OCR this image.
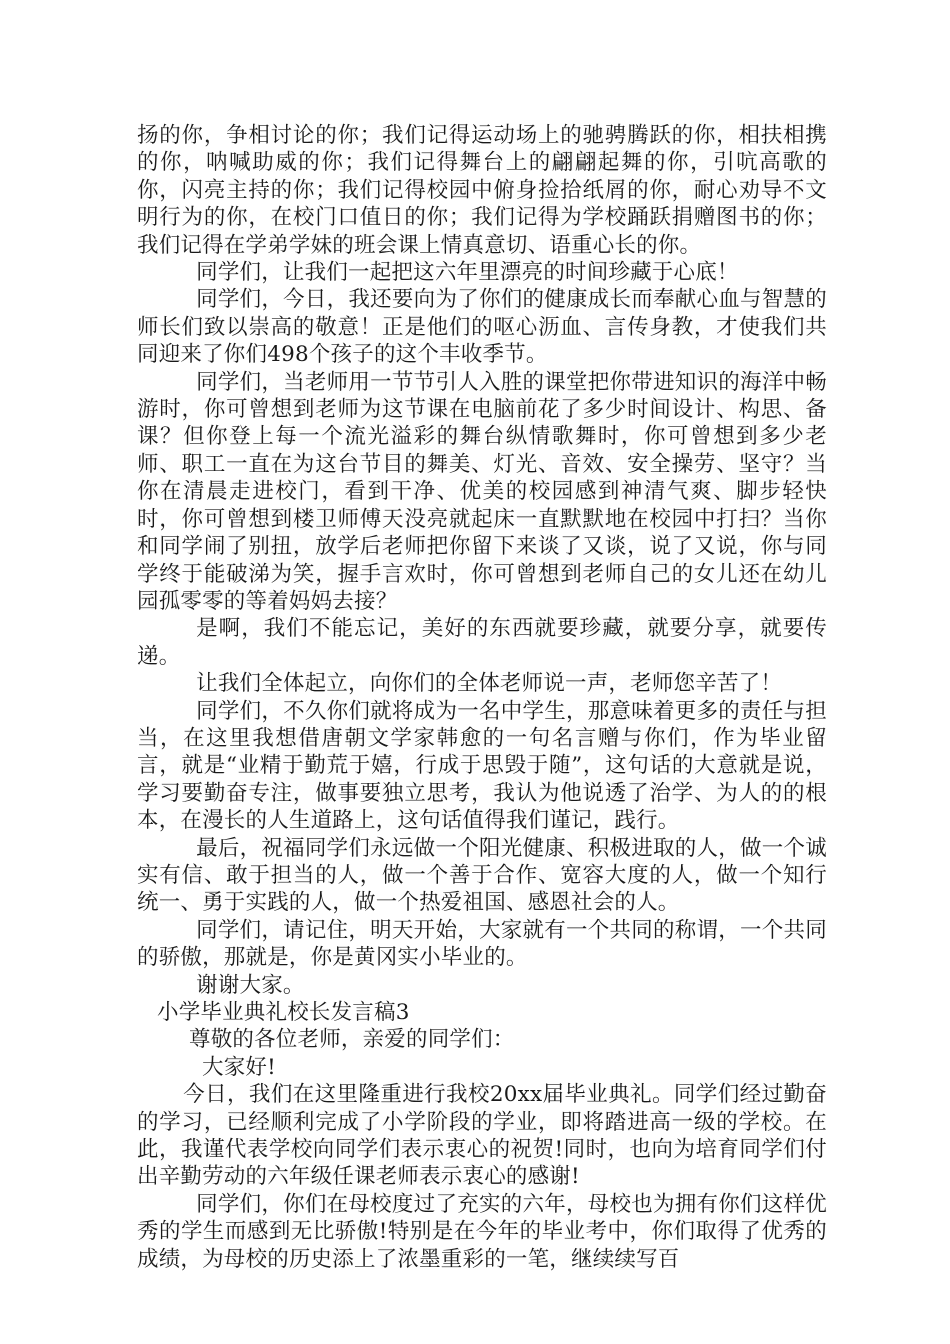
扬的你，争相讨论的你；我们记得运动场上的驰骋腾跃的你，相扶相携的你，呐喊助威的你；我们记得舞台上的翩翩起舞的你，引吭高歌的你，闪亮主持的你；我们记得校园中俯身捡拾纸屑的你，耐心劝导不文明行为的你，在校门口值日的你；我们记得为学校踊跃捐赠图书的你；我们记得在学弟学妹的班会课上情真意切、语重心长的你。

同学们，让我们一起把这六年里漂亮的时间珍藏于心底！

同学们，今日，我还要向为了你们的健康成长而奉献心血与智慧的师长们致以崇高的敬意！正是他们的呕心沥血、言传身教，才使我们共同迎来了你们498个孩子的这个丰收季节。

同学们，当老师用一节节引人入胜的课堂把你带进知识的海洋中畅游时，你可曾想到老师为这节课在电脑前花了多少时间设计、构思、备课？但你登上每一个流光溢彩的舞台纵情歌舞时，你可曾想到多少老师、职工一直在为这台节目的舞美、灯光、音效、安全操劳、坚守？当你在清晨走进校门，看到干净、优美的校园感到神清气爽、脚步轻快时，你可曾想到楼卫师傅天没亮就起床一直默默地在校园中打扫？当你和同学闹了别扭，放学后老师把你留下来谈了又谈，说了又说，你与同学终于能破涕为笑，握手言欢时，你可曾想到老师自己的女儿还在幼儿园孤零零的等着妈妈去接？

是啊，我们不能忘记，美好的东西就要珍藏，就要分享，就要传递。

让我们全体起立，向你们的全体老师说一声，老师您辛苦了！

同学们，不久你们就将成为一名中学生，那意味着更多的责任与担当，在这里我想借唐朝文学家韩愈的一句名言赠与你们，作为毕业留言，就是“业精于勤荒于嬉，行成于思毁于随”，这句话的大意就是说，学习要勤奋专注，做事要独立思考，我认为他说透了治学、为人的的根本，在漫长的人生道路上，这句话值得我们谨记，践行。

最后，祝福同学们永远做一个阳光健康、积极进取的人，做一个诚实有信、敢于担当的人，做一个善于合作、宽容大度的人，做一个知行统一、勇于实践的人，做一个热爱祖国、感恩社会的人。

同学们，请记住，明天开始，大家就有一个共同的称谓，一个共同的骄傲，那就是，你是黄冈实小毕业的。

谢谢大家。

小学毕业典礼校长发言稿3

尊敬的各位老师，亲爱的同学们：

大家好!

今日，我们在这里隆重进行我校20xx届毕业典礼。同学们经过勤奋的学习，已经顺利完成了小学阶段的学业，即将踏进高一级的学校。在此，我谨代表学校向同学们表示衷心的祝贺!同时，也向为培育同学们付出辛勤劳动的六年级任课老师表示衷心的感谢!

同学们，你们在母校度过了充实的六年，母校也为拥有你们这样优秀的学生而感到无比骄傲!特别是在今年的毕业考中，你们取得了优秀的成绩，为母校的历史添上了浓墨重彩的一笔，继续续写百
